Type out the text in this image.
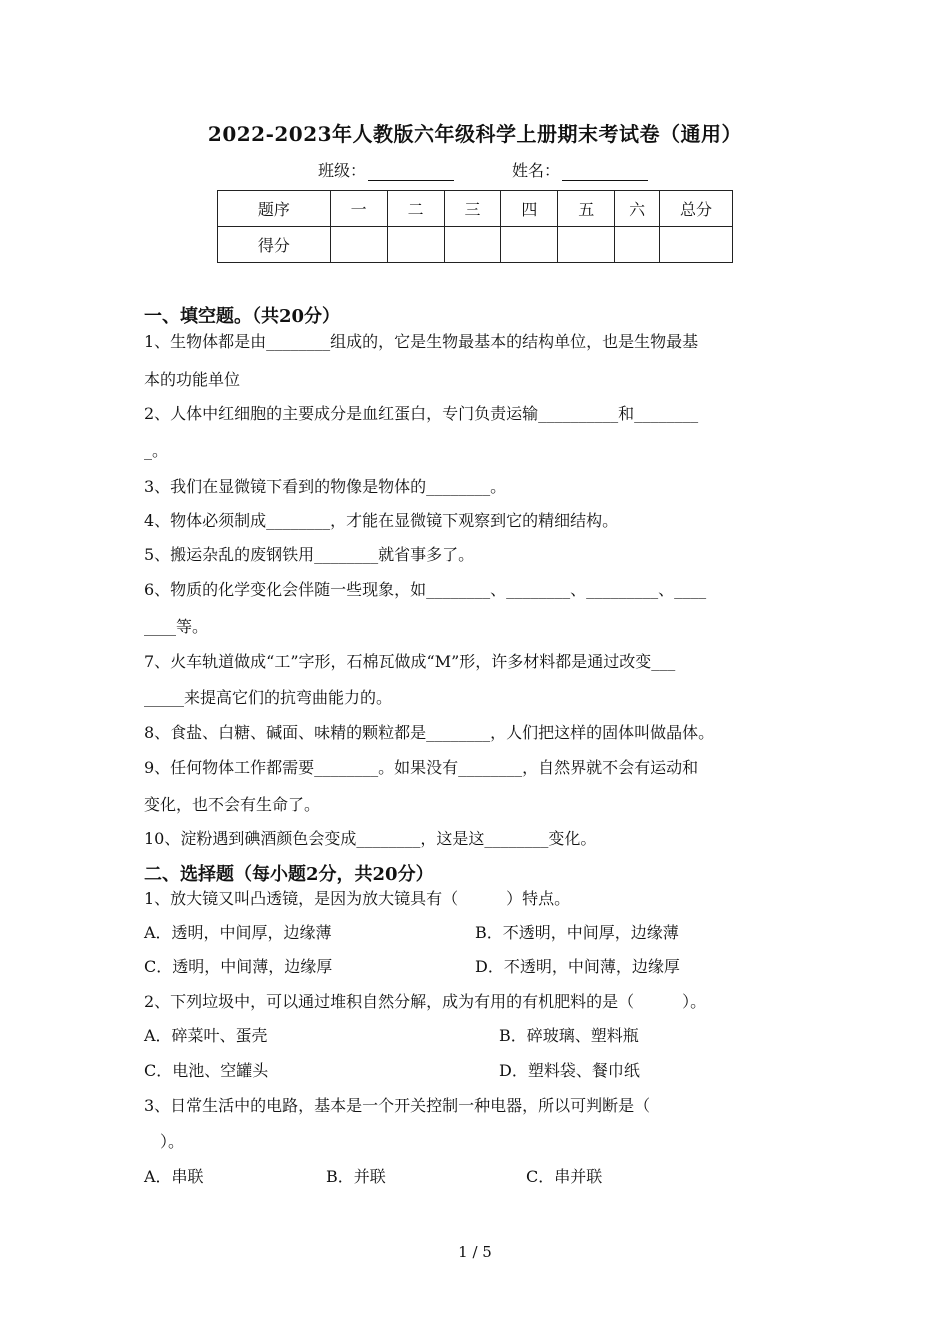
2022-2023年人教版六年级科学上册期末考试卷（通用）
班级：	姓名：
题序	一	二	三	四	五	六	总分
得分							
一、填空题。（共20分）
1、生物体都是由________组成的，它是生物最基本的结构单位，也是生物最基
本的功能单位
2、人体中红细胞的主要成分是血红蛋白，专门负责运输__________和________
_。
3、我们在显微镜下看到的物像是物体的________。
4、物体必须制成________，才能在显微镜下观察到它的精细结构。
5、搬运杂乱的废钢铁用________就省事多了。
6、物质的化学变化会伴随一些现象，如________、________、_________、____
____等。
7、火车轨道做成“工”字形，石棉瓦做成“M”形，许多材料都是通过改变___
_____来提高它们的抗弯曲能力的。
8、食盐、白糖、碱面、味精的颗粒都是________，人们把这样的固体叫做晶体。
9、任何物体工作都需要________。如果没有________，自然界就不会有运动和
变化，也不会有生命了。
10、淀粉遇到碘酒颜色会变成________，这是这________变化。
二、选择题（每小题2分，共20分）
1、放大镜又叫凸透镜，是因为放大镜具有（　　　）特点。
A．透明，中间厚，边缘薄	B．不透明，中间厚，边缘薄
C．透明，中间薄，边缘厚	D．不透明，中间薄，边缘厚
2、下列垃圾中，可以通过堆积自然分解，成为有用的有机肥料的是（　　　）。
A．碎菜叶、蛋壳	B．碎玻璃、塑料瓶
C．电池、空罐头	D．塑料袋、餐巾纸
3、日常生活中的电路，基本是一个开关控制一种电器，所以可判断是（
　）。
A．串联	B．并联	C．串并联
1 / 5
